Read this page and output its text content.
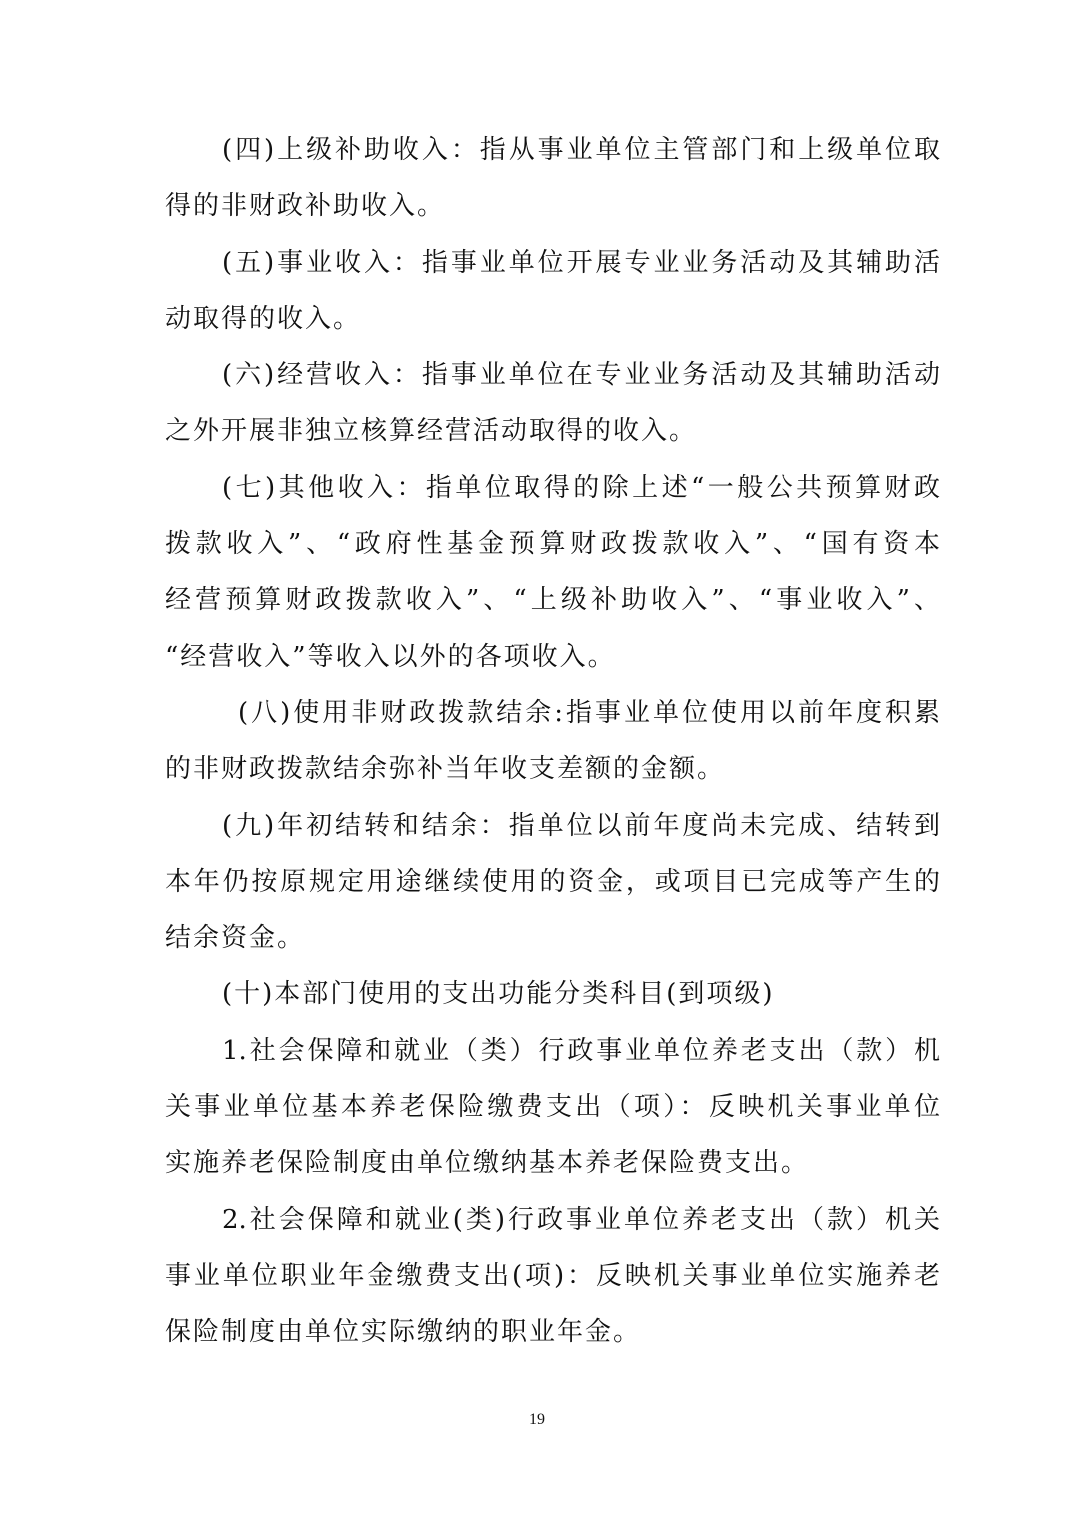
(四)上级补助收入：指从事业单位主管部门和上级单位取
得的非财政补助收入。
(五)事业收入：指事业单位开展专业业务活动及其辅助活
动取得的收入。
(六)经营收入：指事业单位在专业业务活动及其辅助活动
之外开展非独立核算经营活动取得的收入。
(七)其他收入：指单位取得的除上述“一般公共预算财政
拨款收入”、“政府性基金预算财政拨款收入”、“国有资本
经营预算财政拨款收入”、“上级补助收入”、“事业收入”、
“经营收入”等收入以外的各项收入。
(八)使用非财政拨款结余:指事业单位使用以前年度积累
的非财政拨款结余弥补当年收支差额的金额。
(九)年初结转和结余：指单位以前年度尚未完成、结转到
本年仍按原规定用途继续使用的资金，或项目已完成等产生的
结余资金。
(十)本部门使用的支出功能分类科目(到项级)
1.社会保障和就业（类）行政事业单位养老支出（款）机
关事业单位基本养老保险缴费支出（项）：反映机关事业单位
实施养老保险制度由单位缴纳基本养老保险费支出。
2.社会保障和就业(类)行政事业单位养老支出（款）机关
事业单位职业年金缴费支出(项)：反映机关事业单位实施养老
保险制度由单位实际缴纳的职业年金。
19
